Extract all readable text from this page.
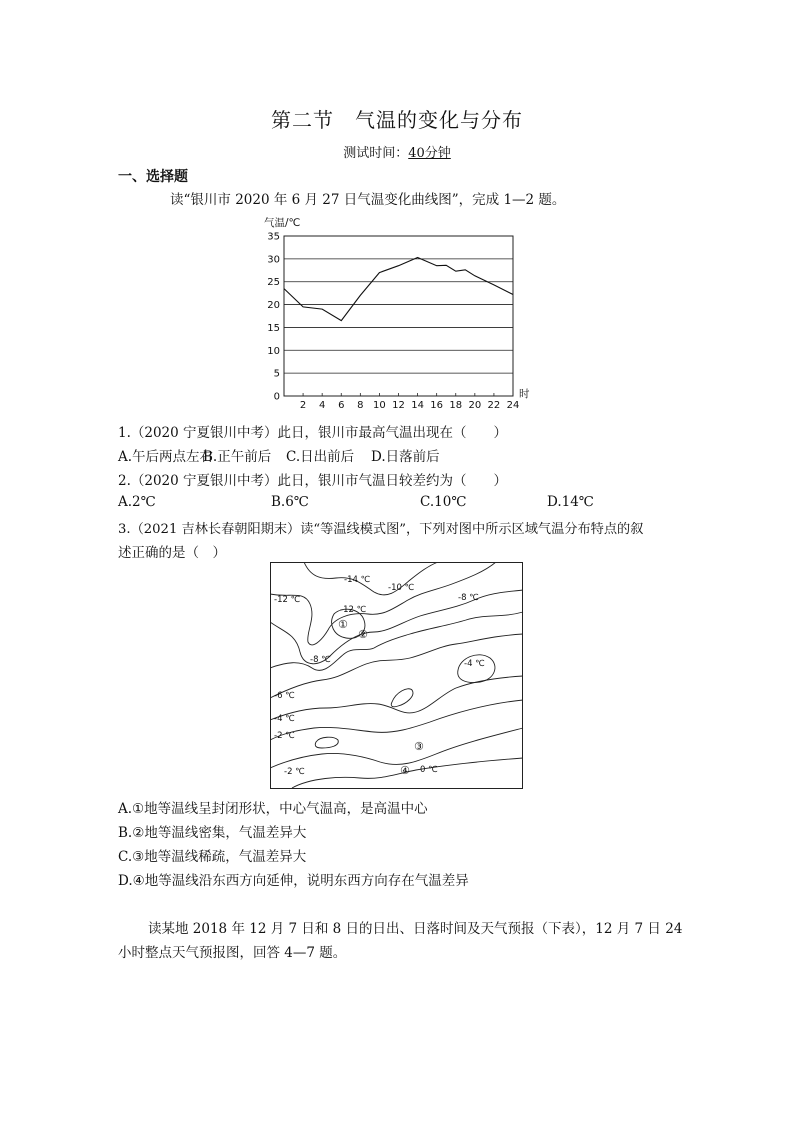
第二节　气温的变化与分布
测试时间：40分钟
一、选择题
读“银川市 2020 年 6 月 27 日气温变化曲线图”，完成 1—2 题。
0
5
10
15
20
25
30
35
2 4 6 8 10 12 14 16 18 20 22 24
气温/℃
时
1.（2020 宁夏银川中考）此日，银川市最高气温出现在（　　）
A.午后两点左右
B.正午前后 C.日出前后 D.日落前后
2.（2020 宁夏银川中考）此日，银川市气温日较差约为（　　）
A.2℃	B.6℃	C.10℃	D.14℃
3.（2021 吉林长春朝阳期末）读“等温线模式图”，下列对图中所示区域气温分布特点的叙
述正确的是（　）
-14 ℃
-12 ℃
-10 ℃
-12 ℃
-8 ℃
-8 ℃	-4 ℃
-6 ℃
-4 ℃
-2 ℃
-2 ℃	0 ℃
①
②
③
④
A.①地等温线呈封闭形状，中心气温高，是高温中心
B.②地等温线密集，气温差异大
C.③地等温线稀疏，气温差异大
D.④地等温线沿东西方向延伸，说明东西方向存在气温差异
读某地 2018 年 12 月 7 日和 8 日的日出、日落时间及天气预报（下表），12 月 7 日 24
小时整点天气预报图，回答 4—7 题。
